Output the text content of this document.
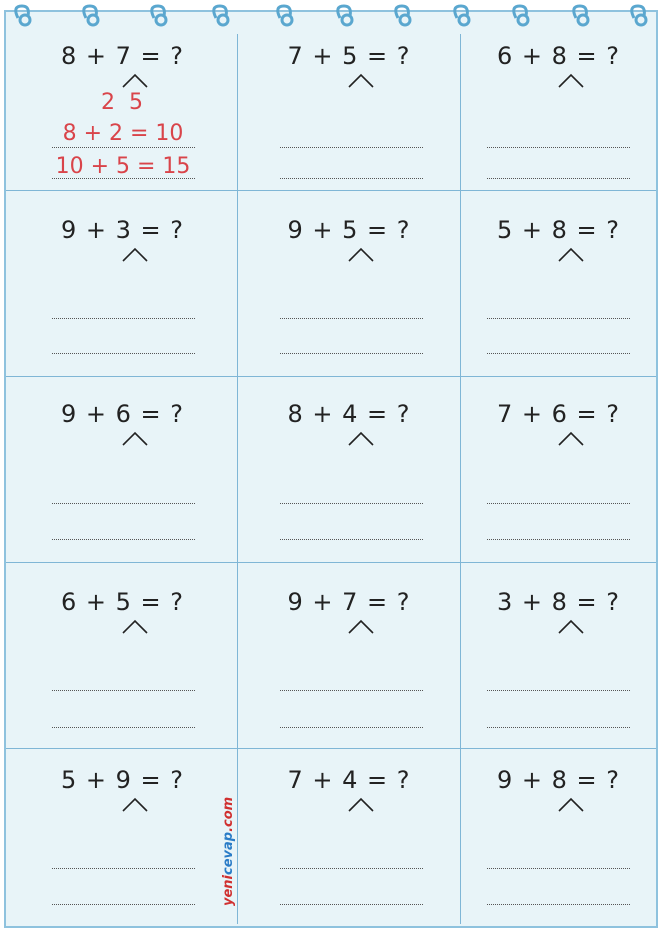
8 + 7 = ?	7 + 5 = ?	6 + 8 = ?
9 + 3 = ?	9 + 5 = ?	5 + 8 = ?
9 + 6 = ?	8 + 4 = ?	7 + 6 = ?
6 + 5 = ?	9 + 7 = ?	3 + 8 = ?
5 + 9 = ?	7 + 4 = ?	9 + 8 = ?
2  5
8 + 2 = 10
10 + 5 = 15
yenicevap.com
